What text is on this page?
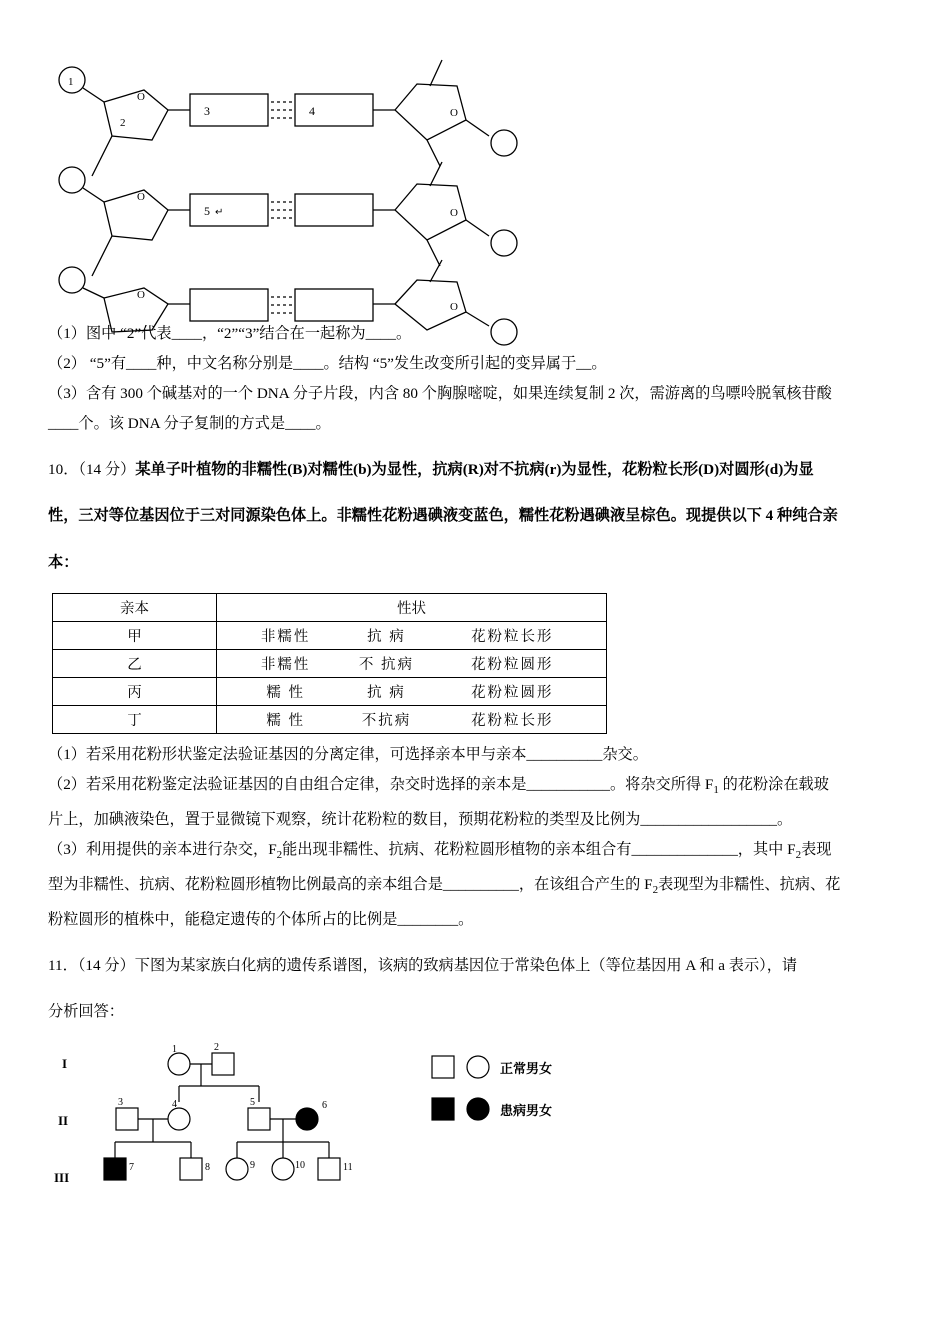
O
2
3	4	O
O
5 ↵	O
O
O
1

（1）图中 “2”代表____，“2”“3”结合在一起称为____。

（2） “5”有____种，中文名称分别是____。结构 “5”发生改变所引起的变异属于__。

（3）含有 300 个碱基对的一个 DNA 分子片段，内含 80 个胸腺嘧啶，如果连续复制 2 次，需游离的鸟嘌呤脱氧核苷酸

____个。该 DNA 分子复制的方式是____。

10．（14 分）某单子叶植物的非糯性(B)对糯性(b)为显性，抗病(R)对不抗病(r)为显性，花粉粒长形(D)对圆形(d)为显

性，三对等位基因位于三对同源染色体上。非糯性花粉遇碘液变蓝色，糯性花粉遇碘液呈棕色。现提供以下 4 种纯合亲

本：

亲本	性状
甲	非糯性 抗 病 花粉粒长形

乙	非糯性 不 抗病 花粉粒圆形

丙	糯 性 抗 病 花粉粒圆形

丁	糯 性 不抗病 花粉粒长形

（1）若采用花粉形状鉴定法验证基因的分离定律，可选择亲本甲与亲本__________杂交。

（2）若采用花粉鉴定法验证基因的自由组合定律，杂交时选择的亲本是___________。将杂交所得 $F_1$ 的花粉涂在载玻

片上，加碘液染色，置于显微镜下观察，统计花粉粒的数目，预期花粉粒的类型及比例为__________________。

（3）利用提供的亲本进行杂交，$F_2$能出现非糯性、抗病、花粉粒圆形植物的亲本组合有______________，其中 $F_2$表现

型为非糯性、抗病、花粉粒圆形植物比例最高的亲本组合是__________，在该组合产生的 $F_2$表现型为非糯性、抗病、花

粉粒圆形的植株中，能稳定遗传的个体所占的比例是________。

11．（14 分）下图为某家族白化病的遗传系谱图，该病的致病基因位于常染色体上（等位基因用 A 和 a 表示），请

分析回答：

I
II
III
1	2
3	4	5	6
7	8	9	10	11
正常男女
患病男女
